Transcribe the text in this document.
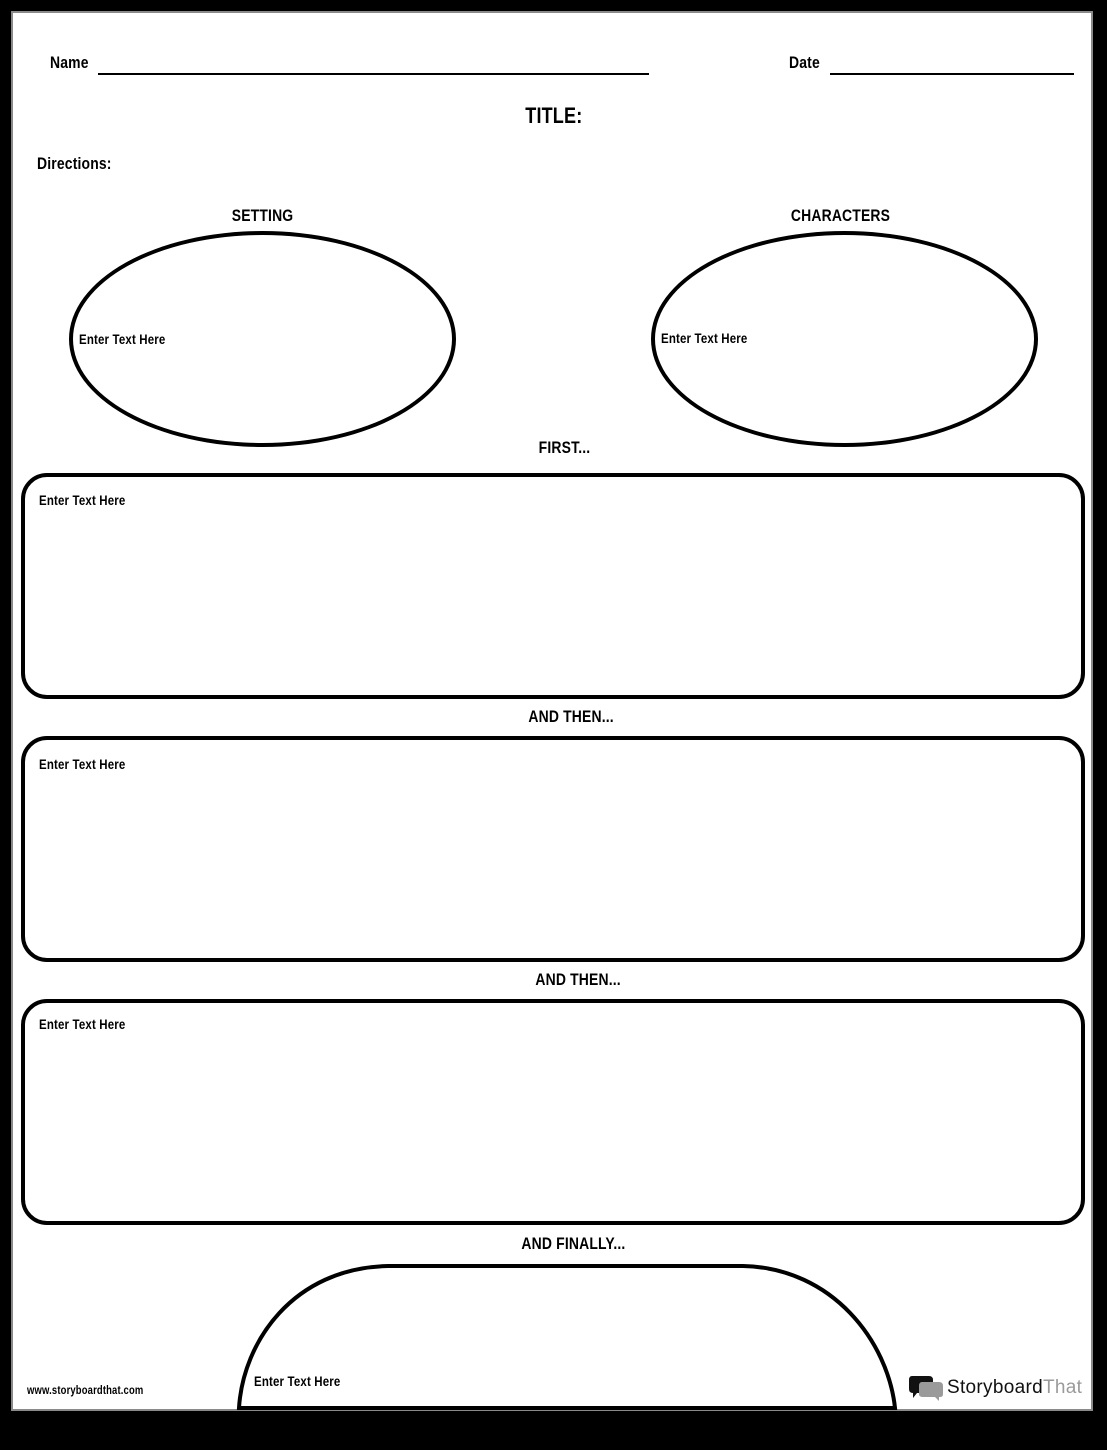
Name	Date
TITLE:
Directions:
SETTING
Enter Text Here
CHARACTERS
Enter Text Here
FIRST...
Enter Text Here
AND THEN...
Enter Text Here
AND THEN...
Enter Text Here
AND FINALLY...
Enter Text Here
www.storyboardthat.com	StoryboardThat
